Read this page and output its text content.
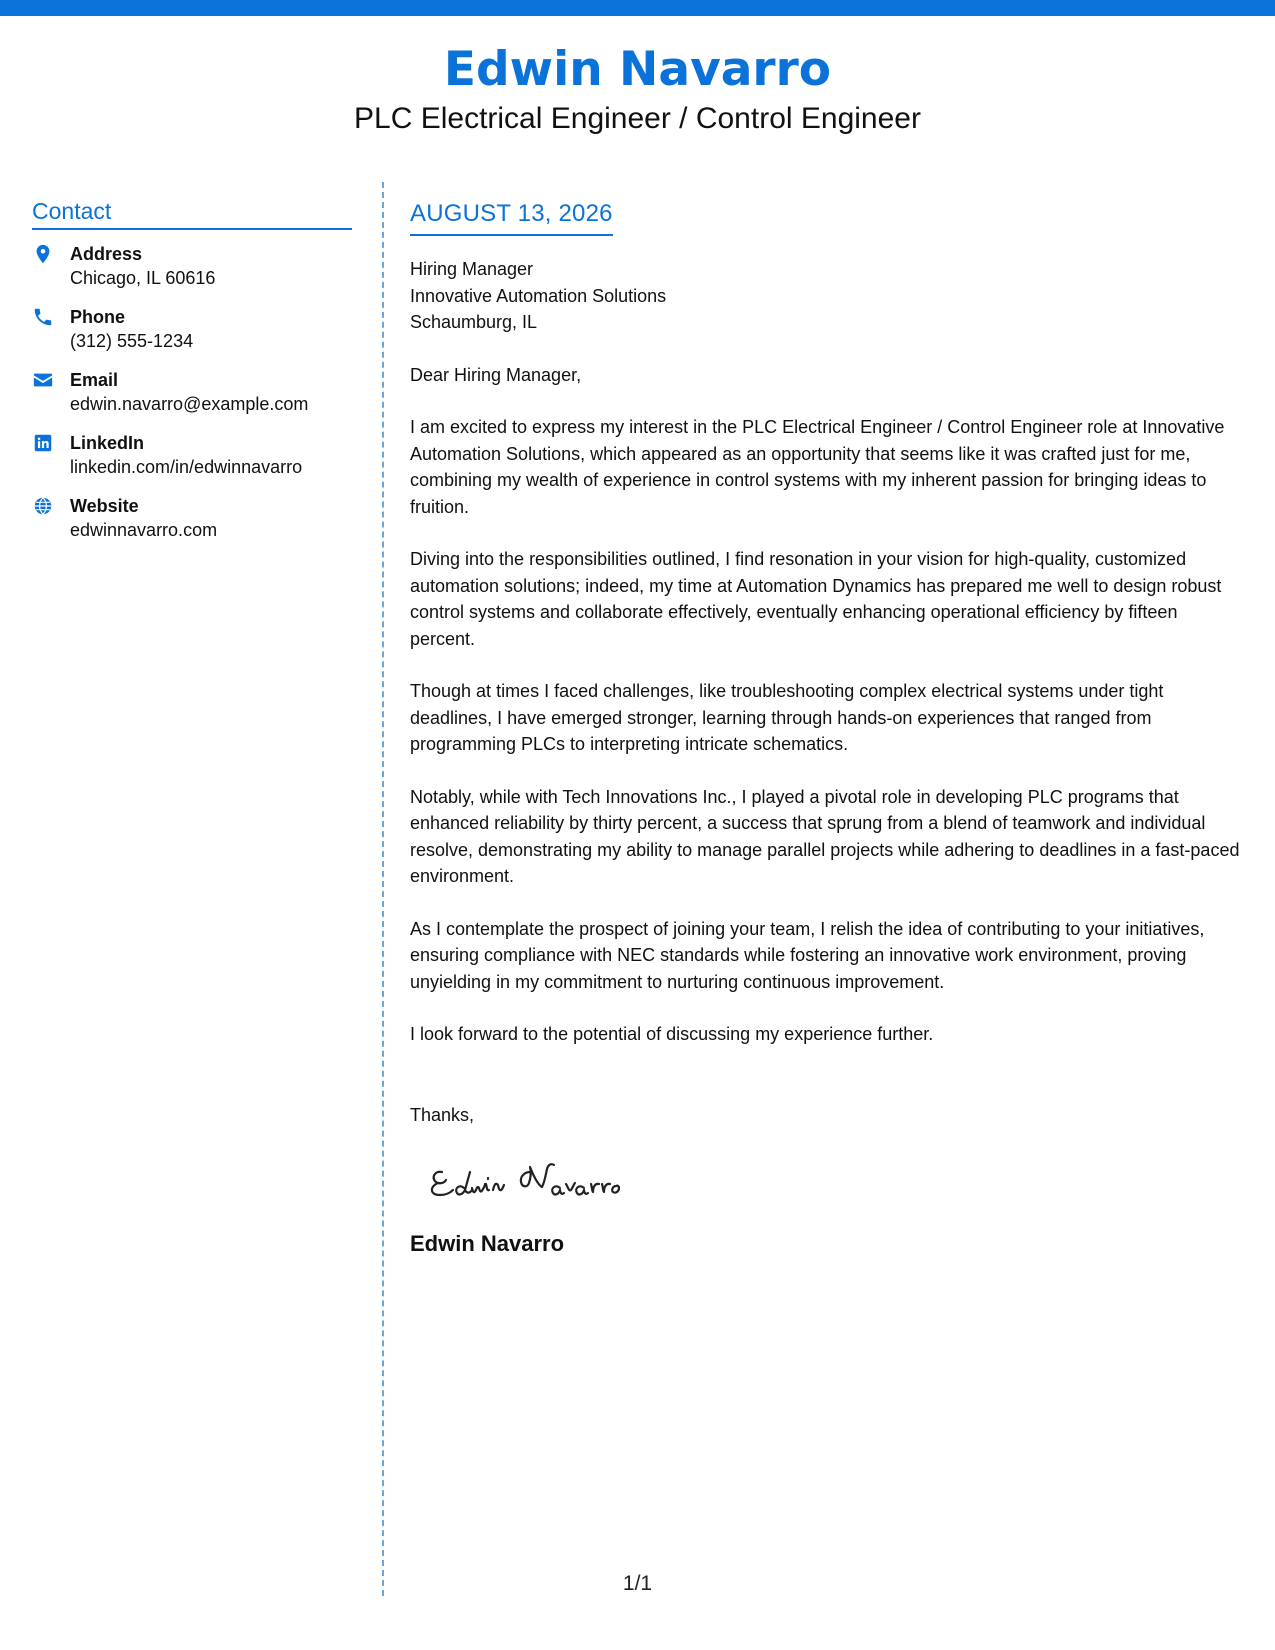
Edwin Navarro
PLC Electrical Engineer / Control Engineer
Contact
Address
Chicago, IL 60616
Phone
(312) 555-1234
Email
edwin.navarro@example.com
LinkedIn
linkedin.com/in/edwinnavarro
Website
edwinnavarro.com
AUGUST 13, 2026
Hiring Manager
Innovative Automation Solutions
Schaumburg, IL
Dear Hiring Manager,
I am excited to express my interest in the PLC Electrical Engineer / Control Engineer role at Innovative Automation Solutions, which appeared as an opportunity that seems like it was crafted just for me, combining my wealth of experience in control systems with my inherent passion for bringing ideas to fruition.
Diving into the responsibilities outlined, I find resonation in your vision for high-quality, customized automation solutions; indeed, my time at Automation Dynamics has prepared me well to design robust control systems and collaborate effectively, eventually enhancing operational efficiency by fifteen percent.
Though at times I faced challenges, like troubleshooting complex electrical systems under tight deadlines, I have emerged stronger, learning through hands-on experiences that ranged from programming PLCs to interpreting intricate schematics.
Notably, while with Tech Innovations Inc., I played a pivotal role in developing PLC programs that enhanced reliability by thirty percent, a success that sprung from a blend of teamwork and individual resolve, demonstrating my ability to manage parallel projects while adhering to deadlines in a fast-paced environment.
As I contemplate the prospect of joining your team, I relish the idea of contributing to your initiatives, ensuring compliance with NEC standards while fostering an innovative work environment, proving unyielding in my commitment to nurturing continuous improvement.
I look forward to the potential of discussing my experience further.
Thanks,
Edwin Navarro
1/1
